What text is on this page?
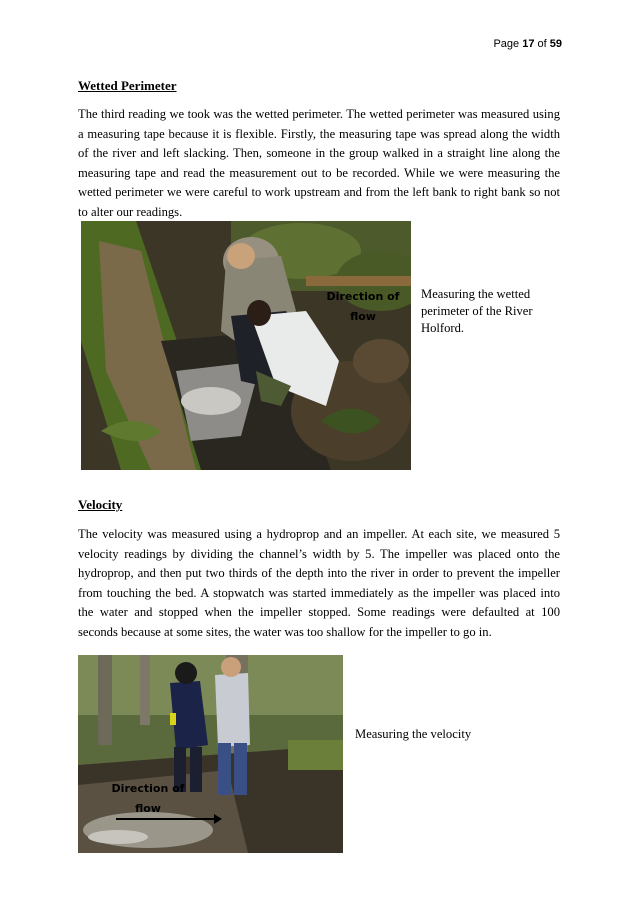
Page 17 of 59
Wetted Perimeter
The third reading we took was the wetted perimeter. The wetted perimeter was measured using a measuring tape because it is flexible. Firstly, the measuring tape was spread along the width of the river and left slacking. Then, someone in the group walked in a straight line along the measuring tape and read the measurement out to be recorded. While we were measuring the wetted perimeter we were careful to work upstream and from the left bank to right bank so not to alter our readings.
Direction of
flow
Measuring the wetted perimeter of the River Holford.
Velocity
The velocity was measured using a hydroprop and an impeller. At each site, we measured 5 velocity readings by dividing the channel’s width by 5. The impeller was placed onto the hydroprop, and then put two thirds of the depth into the river in order to prevent the impeller from touching the bed. A stopwatch was started immediately as the impeller was placed into the water and stopped when the impeller stopped. Some readings were defaulted at 100 seconds because at some sites, the water was too shallow for the impeller to go in.
Direction of
flow
Measuring the velocity
